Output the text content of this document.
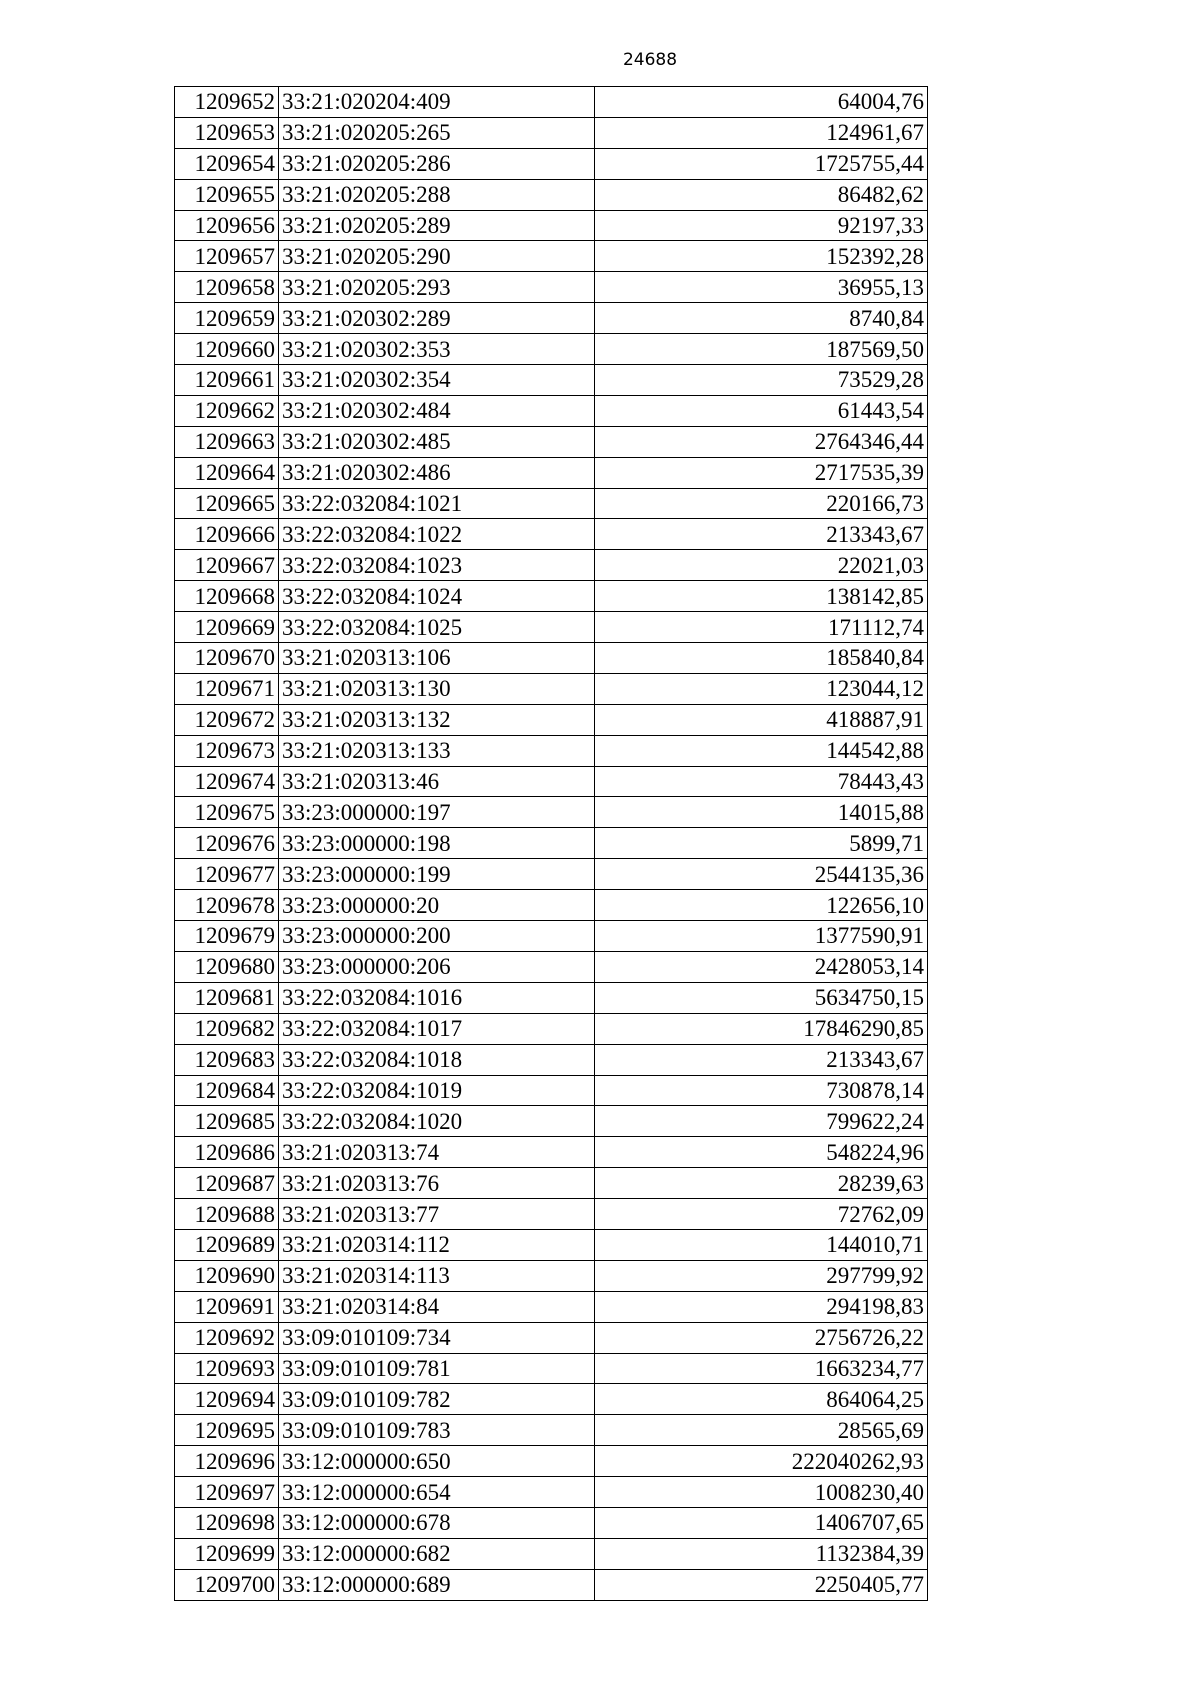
24688
1209652	33:21:020204:409	64004,76
1209653	33:21:020205:265	124961,67
1209654	33:21:020205:286	1725755,44
1209655	33:21:020205:288	86482,62
1209656	33:21:020205:289	92197,33
1209657	33:21:020205:290	152392,28
1209658	33:21:020205:293	36955,13
1209659	33:21:020302:289	8740,84
1209660	33:21:020302:353	187569,50
1209661	33:21:020302:354	73529,28
1209662	33:21:020302:484	61443,54
1209663	33:21:020302:485	2764346,44
1209664	33:21:020302:486	2717535,39
1209665	33:22:032084:1021	220166,73
1209666	33:22:032084:1022	213343,67
1209667	33:22:032084:1023	22021,03
1209668	33:22:032084:1024	138142,85
1209669	33:22:032084:1025	171112,74
1209670	33:21:020313:106	185840,84
1209671	33:21:020313:130	123044,12
1209672	33:21:020313:132	418887,91
1209673	33:21:020313:133	144542,88
1209674	33:21:020313:46	78443,43
1209675	33:23:000000:197	14015,88
1209676	33:23:000000:198	5899,71
1209677	33:23:000000:199	2544135,36
1209678	33:23:000000:20	122656,10
1209679	33:23:000000:200	1377590,91
1209680	33:23:000000:206	2428053,14
1209681	33:22:032084:1016	5634750,15
1209682	33:22:032084:1017	17846290,85
1209683	33:22:032084:1018	213343,67
1209684	33:22:032084:1019	730878,14
1209685	33:22:032084:1020	799622,24
1209686	33:21:020313:74	548224,96
1209687	33:21:020313:76	28239,63
1209688	33:21:020313:77	72762,09
1209689	33:21:020314:112	144010,71
1209690	33:21:020314:113	297799,92
1209691	33:21:020314:84	294198,83
1209692	33:09:010109:734	2756726,22
1209693	33:09:010109:781	1663234,77
1209694	33:09:010109:782	864064,25
1209695	33:09:010109:783	28565,69
1209696	33:12:000000:650	222040262,93
1209697	33:12:000000:654	1008230,40
1209698	33:12:000000:678	1406707,65
1209699	33:12:000000:682	1132384,39
1209700	33:12:000000:689	2250405,77
